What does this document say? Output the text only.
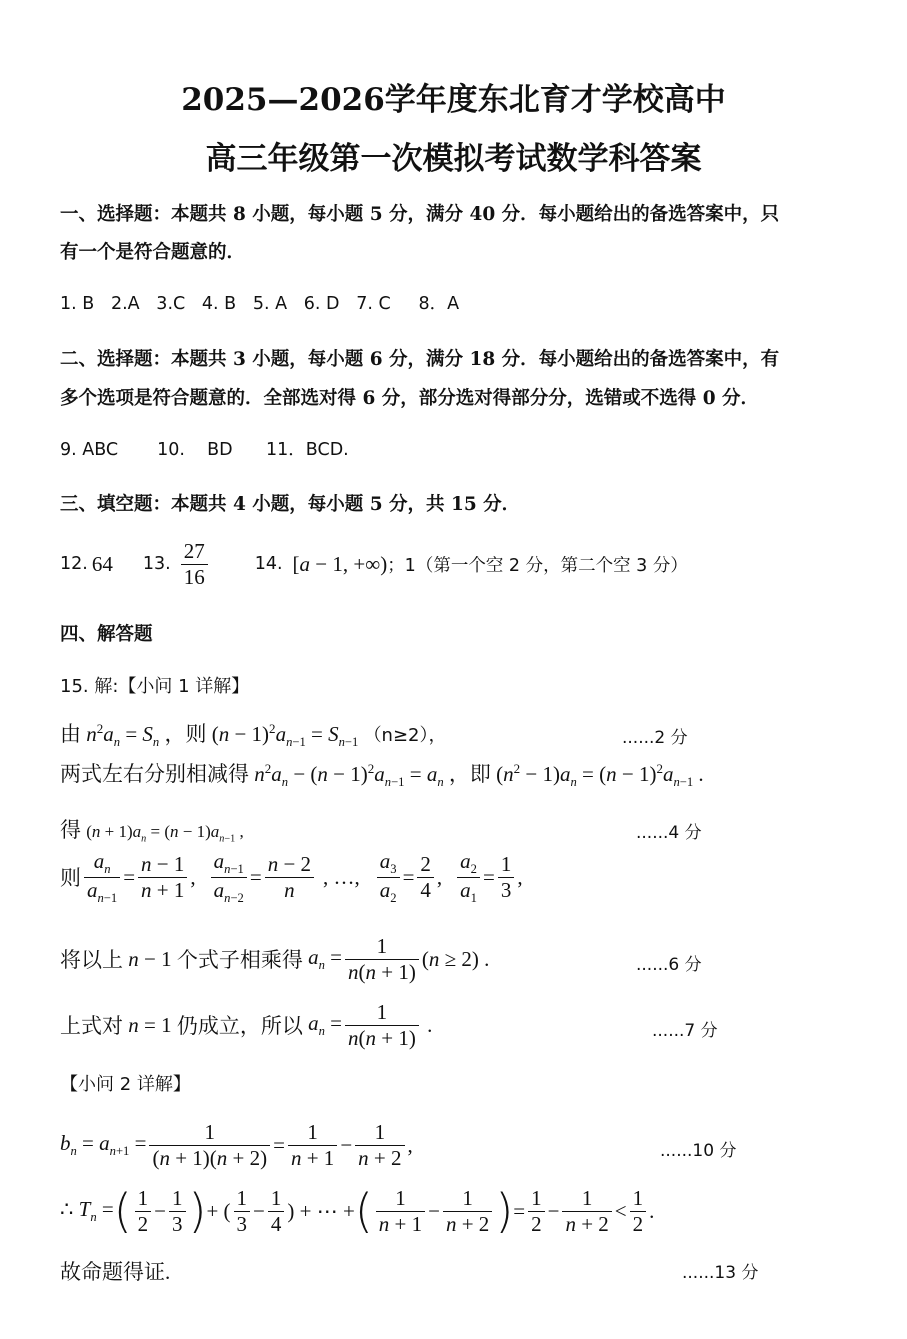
2025—2026学年度东北育才学校高中
高三年级第一次模拟考试数学科答案
一、选择题：本题共 8 小题，每小题 5 分，满分 40 分．每小题给出的备选答案中，只
有一个是符合题意的．
1. B   2.A   3.C   4. B   5. A   6. D   7. C     8．A
二、选择题：本题共 3 小题，每小题 6 分，满分 18 分．每小题给出的备选答案中，有
多个选项是符合题意的．全部选对得 6 分，部分选对得部分分，选错或不选得 0 分．
9. ABC       10.    BD      11．BCD.
三、填空题：本题共 4 小题，每小题 5 分，共 15 分．
12. 64 13. $\frac{27}{16}$	14. [a − 1, +∞) ；1（第一个空 2 分，第二个空 3 分）
四、解答题
15. 解:【小问 1 详解】
由 $n^2a_n = S_n$ ，则 $(n - 1)^2a_{n-1} = S_{n-1}$ （n≥2），	......2 分
两式左右分别相减得 $n^2a_n - (n - 1)^2a_{n-1} = a_n$ ，即 $(n^2 - 1)a_n = (n - 1)^2a_{n-1}$ .
得 $(n + 1)a_n = (n - 1)a_{n-1}$ ,	......4 分
则 $\frac{a_n}{a_{n-1}} = \frac{n - 1}{n + 1}$ , $\frac{a_{n-1}}{a_{n-2}} = \frac{n - 2}{n}$ , …, $\frac{a_3}{a_2} = \frac{2}{4}$ , $\frac{a_2}{a_1} = \frac{1}{3}$ ,
将以上 n − 1 个式子相乘得 $a_n = \frac{1}{n(n + 1)} (n \ge 2)$ .	......6 分
上式对 n = 1 仍成立，所以 $a_n = \frac{1}{n(n + 1)}$ .	......7 分
【小问 2 详解】
$b_n = a_{n+1} = \frac{1}{(n + 1)(n + 2)} = \frac{1}{n + 1} - \frac{1}{n + 2}$ ,	......10 分
∴ $T_n$ = ( $\frac{1}{2} - \frac{1}{3}$ ) + ( $\frac{1}{3} - \frac{1}{4}$ ) + ⋯ + ( $\frac{1}{n + 1} - \frac{1}{n + 2}$ ) = $\frac{1}{2} - \frac{1}{n + 2} < \frac{1}{2}$ .
故命题得证.	......13 分
